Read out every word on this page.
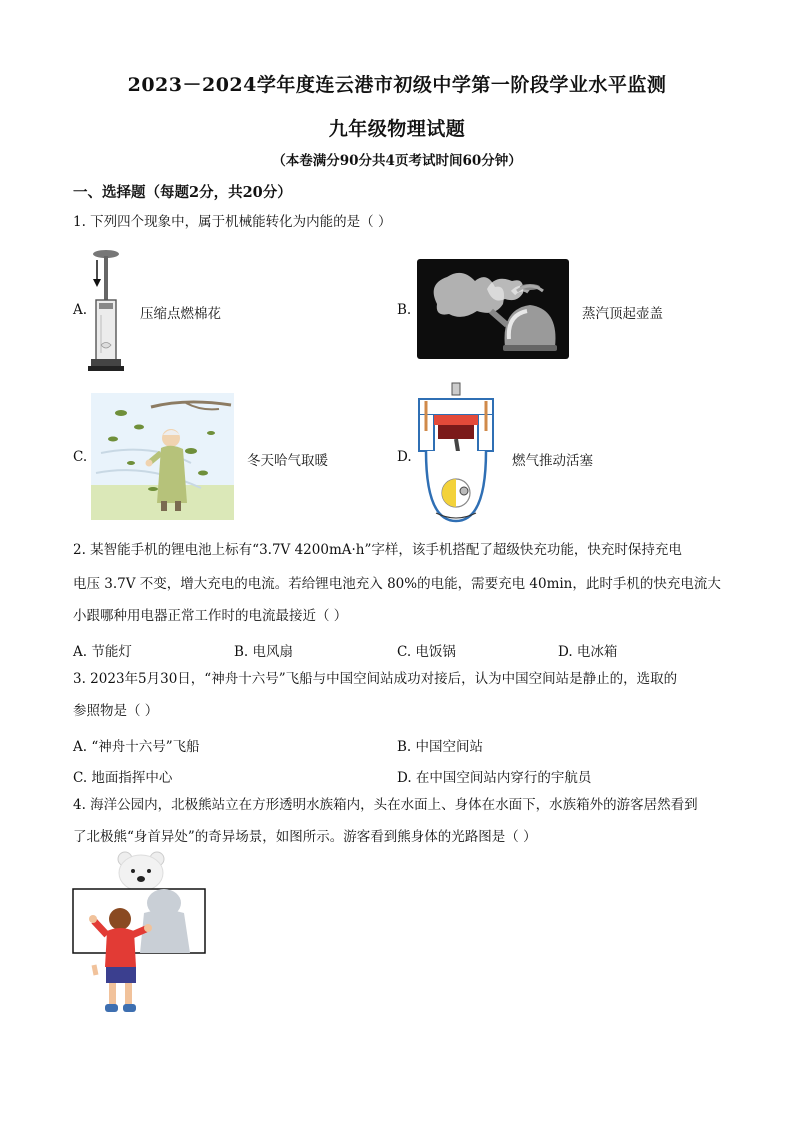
2023－2024学年度连云港市初级中学第一阶段学业水平监测
九年级物理试题
（本卷满分90分共4页考试时间60分钟）
一、选择题（每题2分，共20分）
1. 下列四个现象中，属于机械能转化为内能的是（ ）
A.	压缩点燃棉花	B.	蒸汽顶起壶盖
C.	冬天哈气取暖	D.	燃气推动活塞
2. 某智能手机的锂电池上标有“3.7V 4200mA·h”字样，该手机搭配了超级快充功能，快充时保持充电
电压 3.7V 不变，增大充电的电流。若给锂电池充入 80%的电能，需要充电 40min，此时手机的快充电流大
小跟哪种用电器正常工作时的电流最接近（ ）
A. 节能灯	B. 电风扇	C. 电饭锅	D. 电冰箱
3. 2023年5月30日，“神舟十六号”飞船与中国空间站成功对接后，认为中国空间站是静止的，选取的
参照物是（ ）
A. “神舟十六号”飞船	B. 中国空间站
C. 地面指挥中心	D. 在中国空间站内穿行的宇航员
4. 海洋公园内，北极熊站立在方形透明水族箱内，头在水面上、身体在水面下，水族箱外的游客居然看到
了北极熊“身首异处”的奇异场景，如图所示。游客看到熊身体的光路图是（ ）
